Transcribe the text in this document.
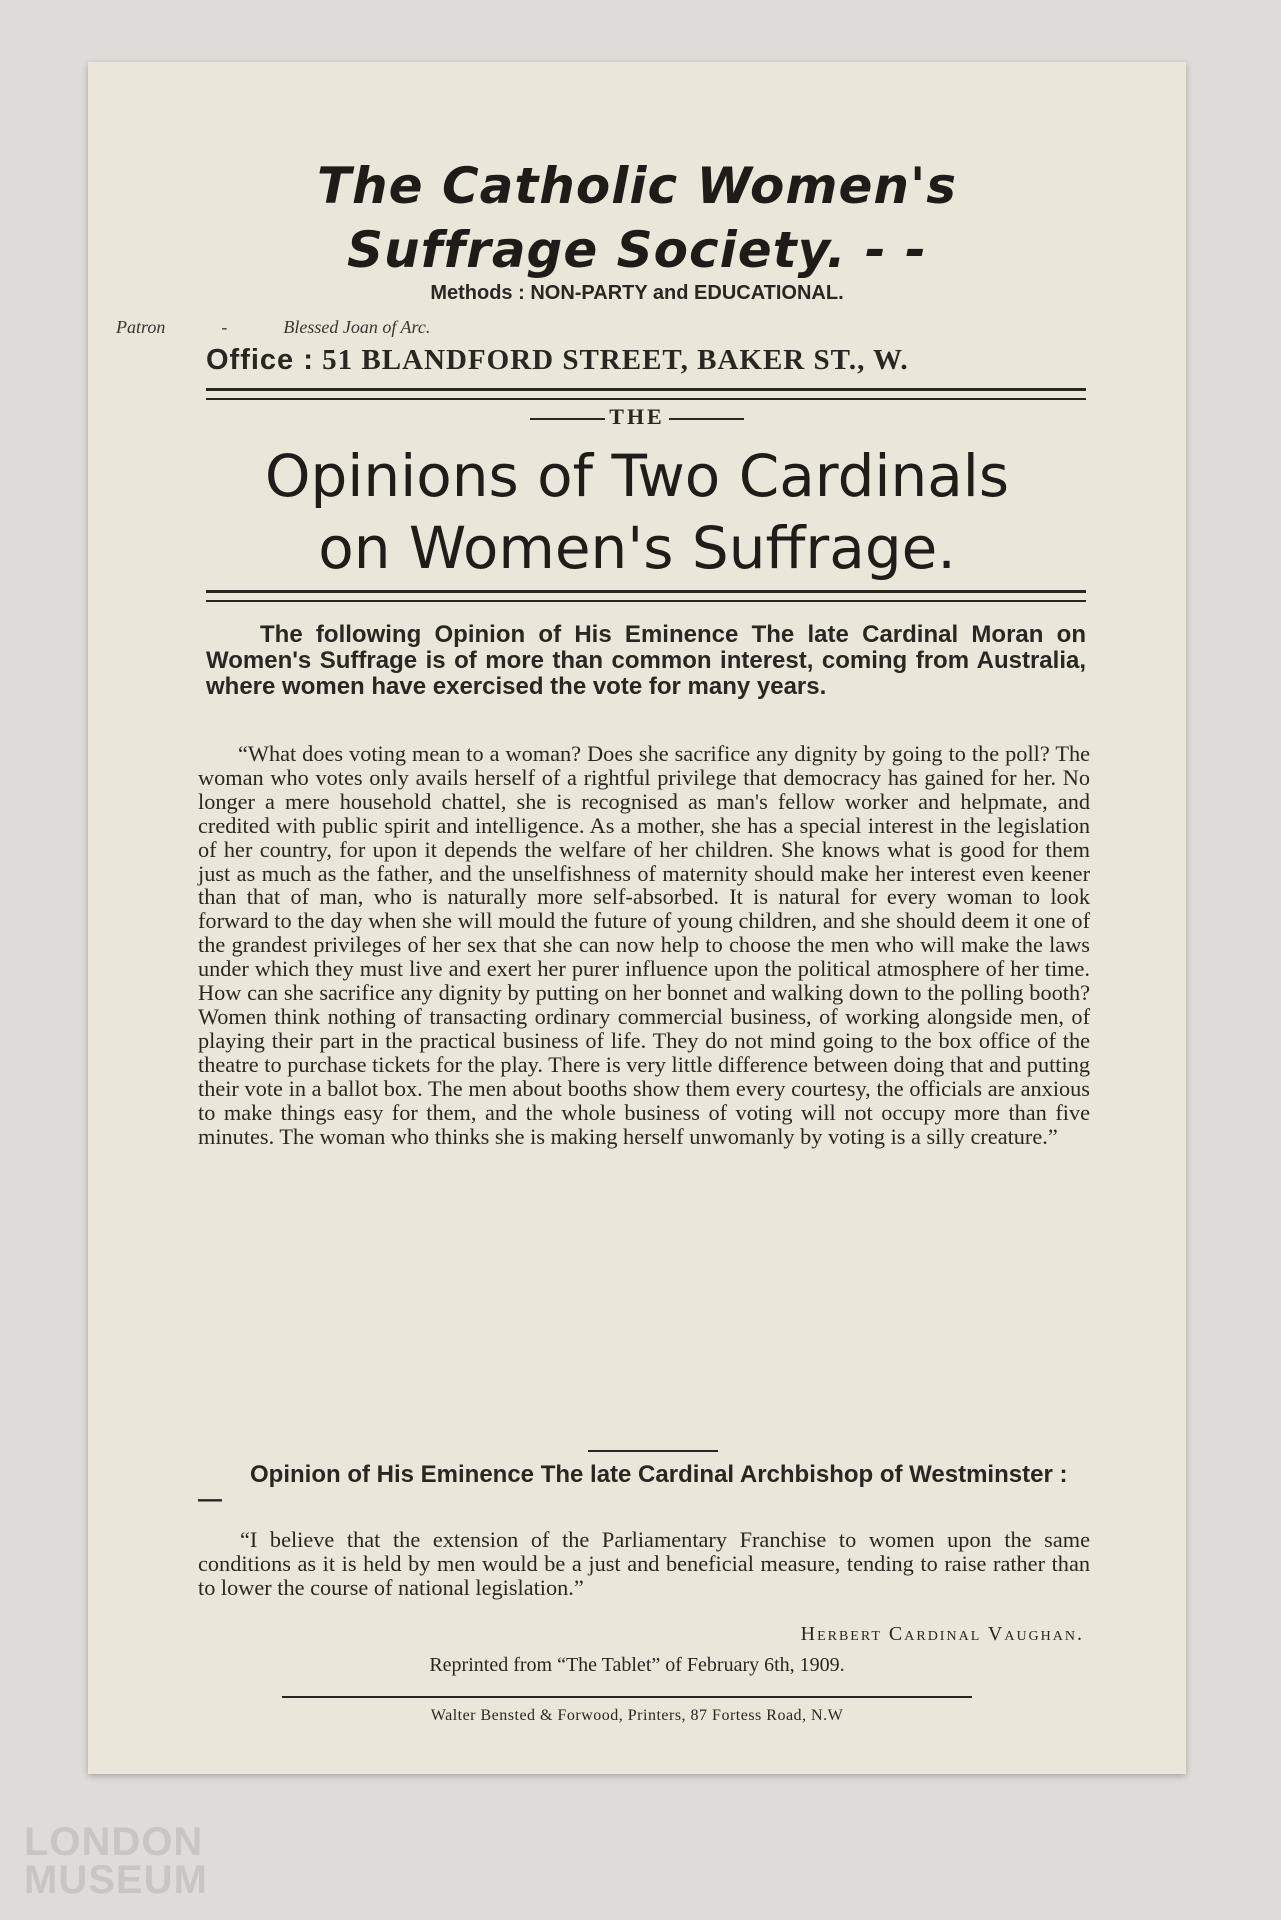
The Catholic Women's
Suffrage Society. - -
Methods : NON-PARTY and EDUCATIONAL.
Patron	-	Blessed Joan of Arc.
Office : 51 BLANDFORD STREET, BAKER ST., W.
THE
Opinions of Two Cardinals
on Women's Suffrage.
The following Opinion of His Eminence The late Cardinal Moran on Women's Suffrage is of more than common interest, coming from Australia, where women have exercised the vote for many years.
“What does voting mean to a woman? Does she sacrifice any dignity by going to the poll? The woman who votes only avails herself of a rightful privilege that democracy has gained for her. No longer a mere household chattel, she is recognised as man's fellow worker and helpmate, and credited with public spirit and intelligence. As a mother, she has a special interest in the legislation of her country, for upon it depends the welfare of her children. She knows what is good for them just as much as the father, and the unselfishness of maternity should make her interest even keener than that of man, who is naturally more self-absorbed. It is natural for every woman to look forward to the day when she will mould the future of young children, and she should deem it one of the grandest privileges of her sex that she can now help to choose the men who will make the laws under which they must live and exert her purer influence upon the political atmosphere of her time. How can she sacrifice any dignity by putting on her bonnet and walking down to the polling booth? Women think nothing of transacting ordinary commercial business, of working alongside men, of playing their part in the practical business of life. They do not mind going to the box office of the theatre to purchase tickets for the play. There is very little difference between doing that and putting their vote in a ballot box. The men about booths show them every courtesy, the officials are anxious to make things easy for them, and the whole business of voting will not occupy more than five minutes. The woman who thinks she is making herself unwomanly by voting is a silly creature.”
Opinion of His Eminence The late Cardinal Archbishop of Westminster :—
“I believe that the extension of the Parliamentary Franchise to women upon the same conditions as it is held by men would be a just and beneficial measure, tending to raise rather than to lower the course of national legislation.”
Herbert Cardinal Vaughan.
Reprinted from “The Tablet” of February 6th, 1909.
Walter Bensted & Forwood, Printers, 87 Fortess Road, N.W
LONDON
MUSEUM
